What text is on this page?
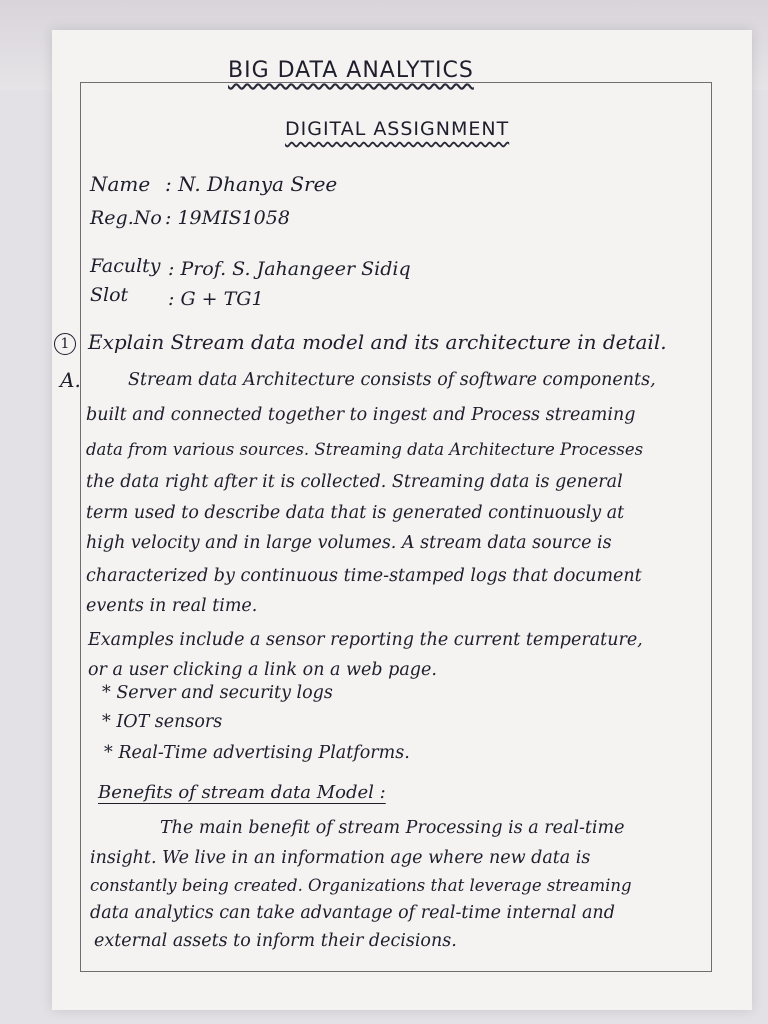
BIG DATA ANALYTICS
DIGITAL ASSIGNMENT
Name : N. Dhanya Sree
Reg.No : 19MIS1058
Faculty : Prof. S. Jahangeer Sidiq
Slot : G + TG1
1 Explain Stream data model and its architecture in detail.
A.	Stream data Architecture consists of software components,
built and connected together to ingest and Process streaming
data from various sources. Streaming data Architecture Processes
the data right after it is collected. Streaming data is general
term used to describe data that is generated continuously at
high velocity and in large volumes. A stream data source is
characterized by continuous time-stamped logs that document
events in real time.
Examples include a sensor reporting the current temperature,
or a user clicking a link on a web page.
* Server and security logs
* IOT sensors
* Real-Time advertising Platforms.
Benefits of stream data Model :
The main benefit of stream Processing is a real-time
insight. We live in an information age where new data is
constantly being created. Organizations that leverage streaming
data analytics can take advantage of real-time internal and
external assets to inform their decisions.
